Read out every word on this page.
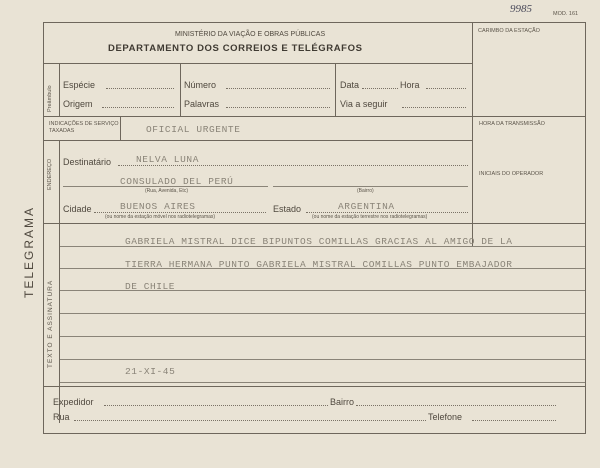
9985	MOD. 161
MINISTÉRIO DA VIAÇÃO E OBRAS PÚBLICAS
DEPARTAMENTO DOS CORREIOS E TELÉGRAFOS
CARIMBO DA ESTAÇÃO
TELEGRAMA
Preâmbulo
Espécie
Origem
Número
Palavras
Data	Hora
Via a seguir
INDICAÇÕES DE SERVIÇO TAXADAS	OFICIAL URGENTE	HORA DA TRANSMISSÃO
INICIAIS DO OPERADOR
ENDEREÇO Destinatário	NELVA LUNA
CONSULADO DEL PERÚ
(Rua, Avenida, Etc)	(Bairro)
Cidade	BUENOS AIRES
(ou nome da estação móvel nos radiotelegramas)
Estado	ARGENTINA
(ou nome da estação terrestre nos radiotelegramas)
TEXTO E ASSINATURA
GABRIELA MISTRAL DICE BIPUNTOS COMILLAS GRACIAS AL AMIGO DE LA
TIERRA HERMANA PUNTO GABRIELA MISTRAL COMILLAS PUNTO EMBAJADOR
DE CHILE
21-XI-45
Expedidor	Bairro
Rua	Telefone
